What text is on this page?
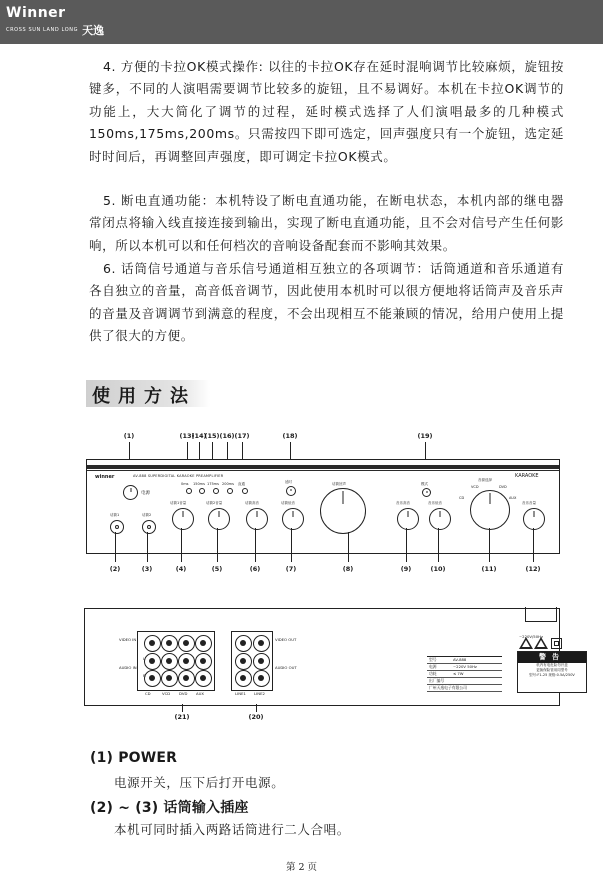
Winner
CROSS SUN LAND LONG 天逸

4. 方便的卡拉OK模式操作: 以往的卡拉OK存在延时混响调节比较麻烦，旋钮按键多，不同的人演唱需要调节比较多的旋钮，且不易调好。本机在卡拉OK调节的功能上，大大简化了调节的过程，延时模式选择了人们演唱最多的几种模式150ms,175ms,200ms。只需按四下即可选定，回声强度只有一个旋钮，选定延时时间后，再调整回声强度，即可调定卡拉OK模式。

5. 断电直通功能：本机特设了断电直通功能，在断电状态，本机内部的继电器常闭点将输入线直接连接到输出，实现了断电直通功能，且不会对信号产生任何影响，所以本机可以和任何档次的音响设备配套而不影响其效果。

6. 话筒信号通道与音乐信号通道相互独立的各项调节：话筒通道和音乐通道有各自独立的音量，高音低音调节，因此使用本机时可以很方便地将话筒声及音乐声的音量及音调调节到满意的程度，不会出现相互不能兼顾的情况，给用户使用上提供了很大的方便。

使用方法
(1)	(13)
(14)
(15) (16) (17)	(18)	(19)
winner	AV-888 SUPERDIGITAL KARAOKE PREAMPLIFIER	KARAOKE
电源
话筒1	话筒2
0ms 150ms 175ms 200ms 直通	延时
话筒1音量	话筒2音量	话筒高音	话筒低音
话筒回声	模式
音乐高音	音乐低音
音源选择
VCD	DVD
CD	AUX
音乐音量
(2)	(3)	(4)	(5)	(6)	(7)	(8)	(9)	(10)	(11)	(12)
~220V/50Hz
VIDEO IN
AUDIO IN
L
R
CD	VCD DVD AUX
VIDEO OUT
AUDIO OUT
LINE1 LINE2
型号	AV-888
电源	~220V 50Hz
功耗	≤ 7W
出厂编号
广州天逸电子有限公司
警告
机内有电危险勿开盖
更换保险管用同型号
型号:F1-25 规格:0.5A/250V
(21)	(20)
(1) POWER
电源开关，压下后打开电源。
(2) ~ (3) 话筒输入插座
本机可同时插入两路话筒进行二人合唱。
第 2 页
